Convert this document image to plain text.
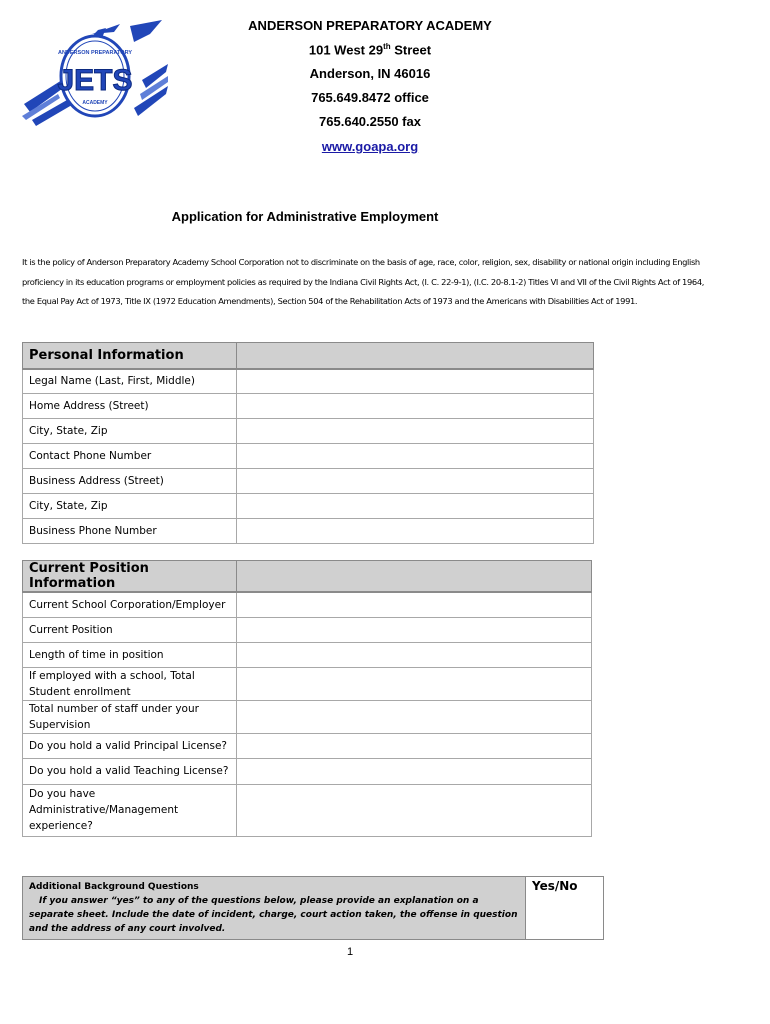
ANDERSON PREPARATORY
JETS
ACADEMY
ANDERSON PREPARATORY ACADEMY
101 West 29th Street
Anderson, IN 46016
765.649.8472 office
765.640.2550 fax
www.goapa.org
Application for Administrative Employment
It is the policy of Anderson Preparatory Academy School Corporation not to discriminate on the basis of age, race, color, religion, sex, disability or national origin including English proficiency in its education programs or employment policies as required by the Indiana Civil Rights Act, (I. C. 22-9-1), (I.C. 20-8.1-2) Titles VI and VII of the Civil Rights Act of 1964, the Equal Pay Act of 1973, Title IX (1972 Education Amendments), Section 504 of the Rehabilitation Acts of 1973 and the Americans with Disabilities Act of 1991.
Personal Information	
Legal Name (Last, First, Middle)	
Home Address (Street)	
City, State, Zip	
Contact Phone Number	
Business Address (Street)	
City, State, Zip	
Business Phone Number	
Current Position Information	
Current School Corporation/Employer	
Current Position	
Length of time in position	
If employed with a school, Total Student enrollment	
Total number of staff under your Supervision	
Do you hold a valid Principal License?	
Do you hold a valid Teaching License?	
Do you have Administrative/Management experience?	
Additional Background Questions
If you answer “yes” to any of the questions below, please provide an explanation on a separate sheet. Include the date of incident, charge, court action taken, the offense in question and the address of any court involved.
	Yes/No
1
